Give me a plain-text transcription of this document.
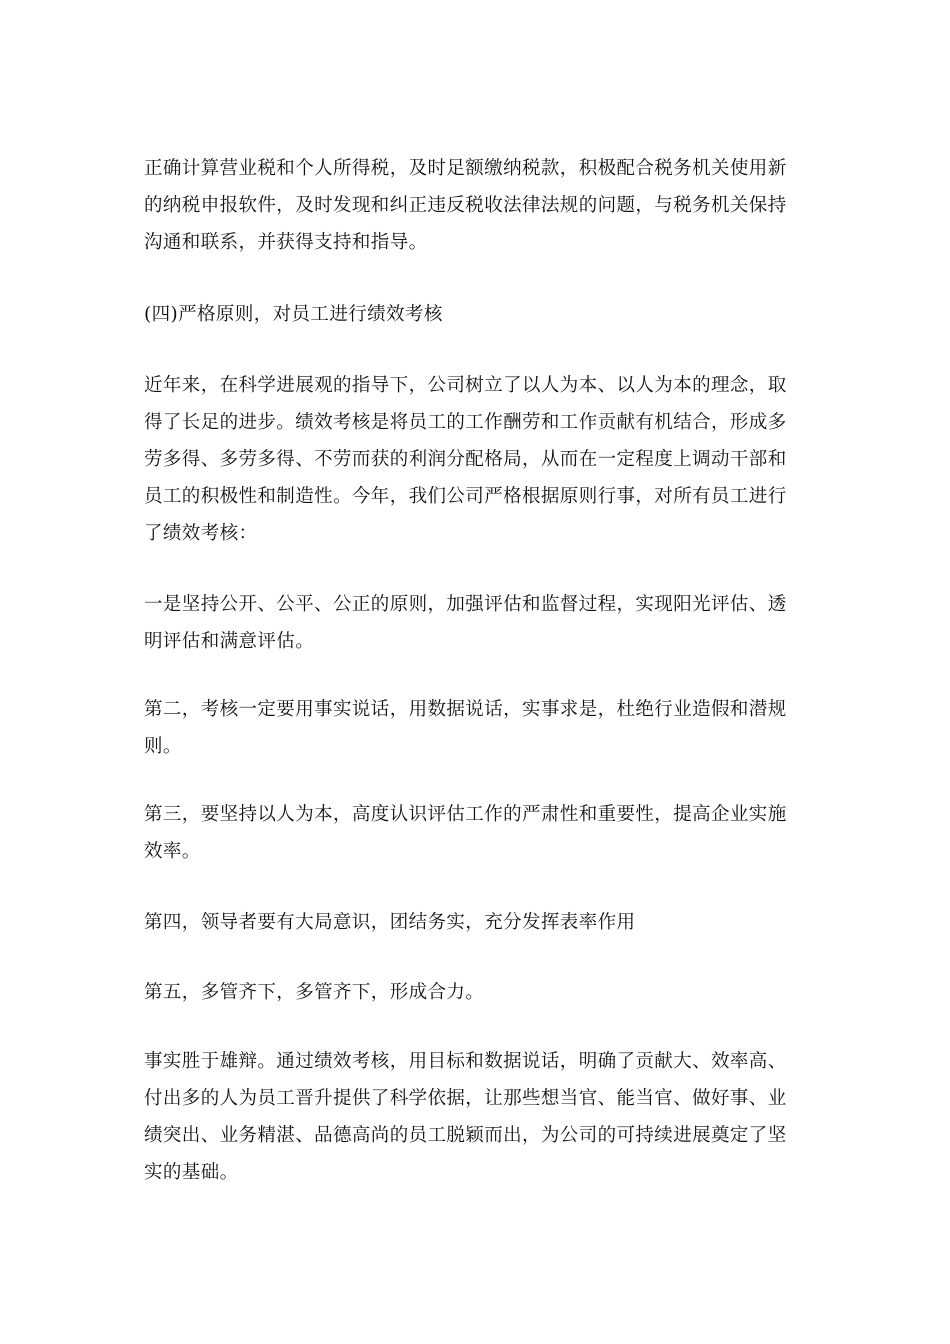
正确计算营业税和个人所得税，及时足额缴纳税款，积极配合税务机关使用新
的纳税申报软件，及时发现和纠正违反税收法律法规的问题，与税务机关保持
沟通和联系，并获得支持和指导。
(四)严格原则，对员工进行绩效考核
近年来，在科学进展观的指导下，公司树立了以人为本、以人为本的理念，取
得了长足的进步。绩效考核是将员工的工作酬劳和工作贡献有机结合，形成多
劳多得、多劳多得、不劳而获的利润分配格局，从而在一定程度上调动干部和
员工的积极性和制造性。今年，我们公司严格根据原则行事，对所有员工进行
了绩效考核：
一是坚持公开、公平、公正的原则，加强评估和监督过程，实现阳光评估、透
明评估和满意评估。
第二，考核一定要用事实说话，用数据说话，实事求是，杜绝行业造假和潜规
则。
第三，要坚持以人为本，高度认识评估工作的严肃性和重要性，提高企业实施
效率。
第四，领导者要有大局意识，团结务实，充分发挥表率作用
第五，多管齐下，多管齐下，形成合力。
事实胜于雄辩。通过绩效考核，用目标和数据说话，明确了贡献大、效率高、
付出多的人为员工晋升提供了科学依据，让那些想当官、能当官、做好事、业
绩突出、业务精湛、品德高尚的员工脱颖而出，为公司的可持续进展奠定了坚
实的基础。
